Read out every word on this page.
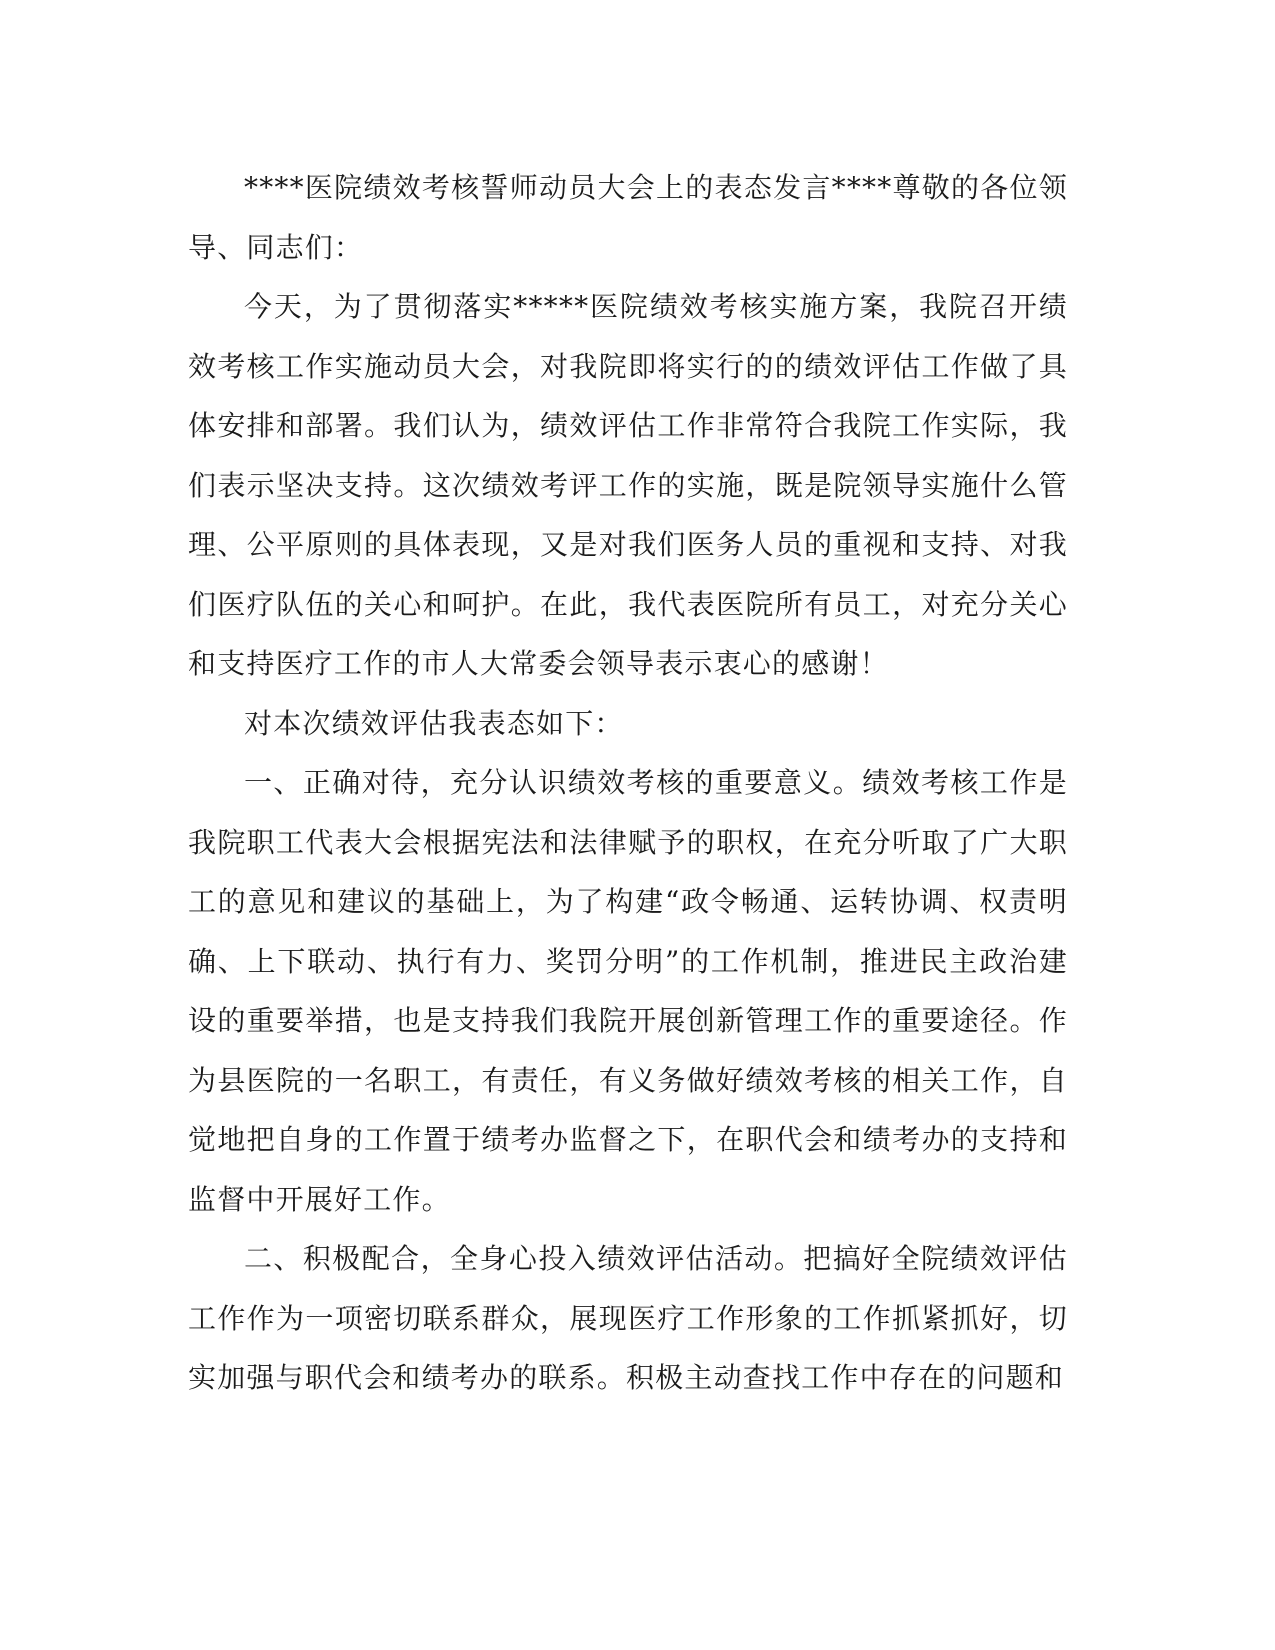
****医院绩效考核誓师动员大会上的表态发言****尊敬的各位领导、同志们：

今天，为了贯彻落实*****医院绩效考核实施方案，我院召开绩效考核工作实施动员大会，对我院即将实行的的绩效评估工作做了具体安排和部署。我们认为，绩效评估工作非常符合我院工作实际，我们表示坚决支持。这次绩效考评工作的实施，既是院领导实施什么管理、公平原则的具体表现，又是对我们医务人员的重视和支持、对我们医疗队伍的关心和呵护。在此，我代表医院所有员工，对充分关心和支持医疗工作的市人大常委会领导表示衷心的感谢！

对本次绩效评估我表态如下：

一、正确对待，充分认识绩效考核的重要意义。绩效考核工作是我院职工代表大会根据宪法和法律赋予的职权，在充分听取了广大职工的意见和建议的基础上，为了构建“政令畅通、运转协调、权责明确、上下联动、执行有力、奖罚分明”的工作机制，推进民主政治建设的重要举措，也是支持我们我院开展创新管理工作的重要途径。作为县医院的一名职工，有责任，有义务做好绩效考核的相关工作，自觉地把自身的工作置于绩考办监督之下，在职代会和绩考办的支持和监督中开展好工作。

二、积极配合，全身心投入绩效评估活动。把搞好全院绩效评估工作作为一项密切联系群众，展现医疗工作形象的工作抓紧抓好，切实加强与职代会和绩考办的联系。积极主动查找工作中存在的问题和
